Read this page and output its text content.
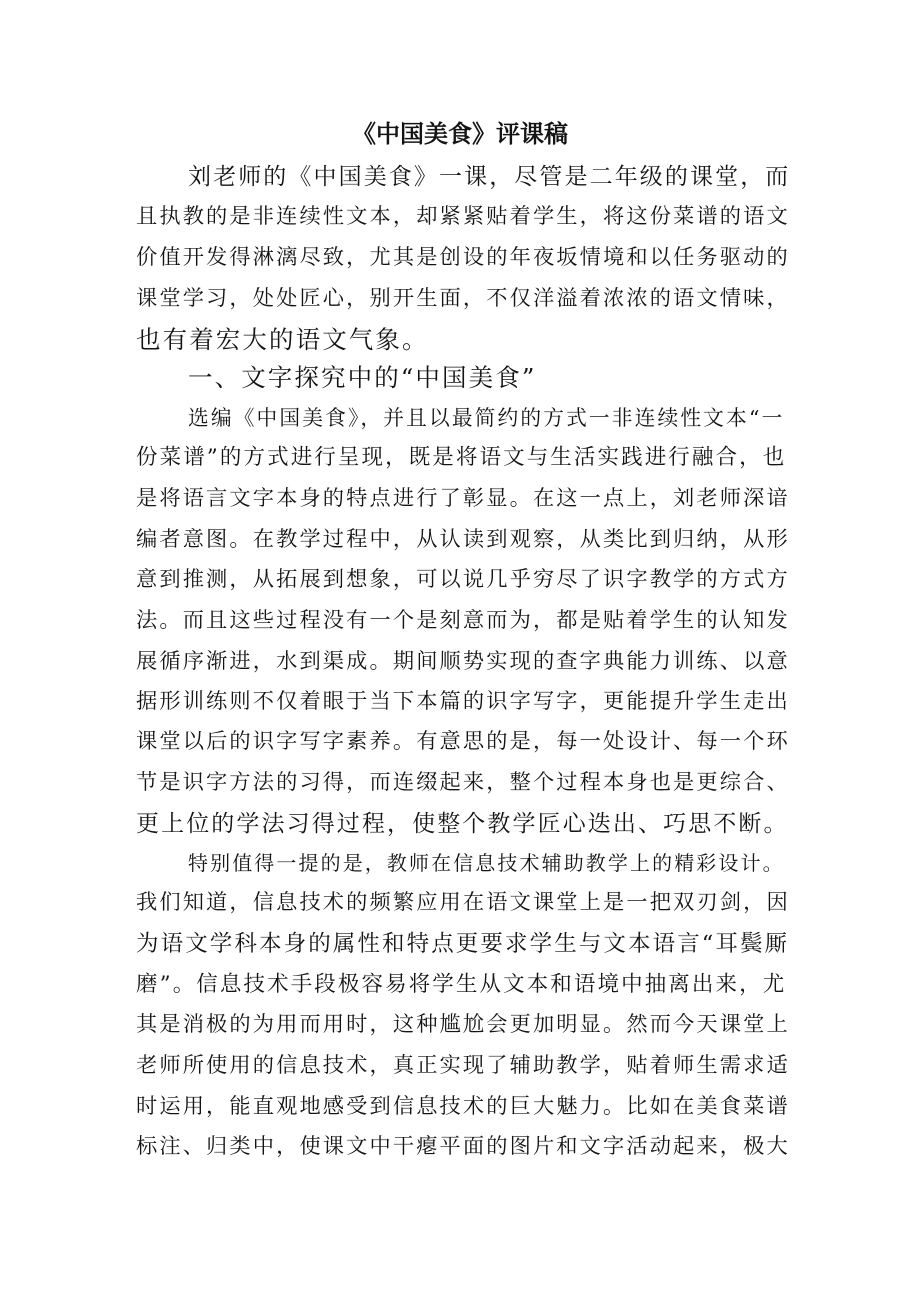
《中国美食》评课稿

刘老师的《中国美食》一课，尽管是二年级的课堂，而

且执教的是非连续性文本，却紧紧贴着学生，将这份菜谱的语文

价值开发得淋漓尽致，尤其是创设的年夜坂情境和以任务驱动的

课堂学习，处处匠心，别开生面，不仅洋溢着浓浓的语文情味，

也有着宏大的语文气象。

一、文字探究中的“中国美食”

选编《中国美食》，并且以最简约的方式一非连续性文本“一

份菜谱”的方式进行呈现，既是将语文与生活实践进行融合，也

是将语言文字本身的特点进行了彰显。在这一点上，刘老师深谙

编者意图。在教学过程中，从认读到观察，从类比到归纳，从形

意到推测，从拓展到想象，可以说几乎穷尽了识字教学的方式方

法。而且这些过程没有一个是刻意而为，都是贴着学生的认知发

展循序渐进，水到渠成。期间顺势实现的查字典能力训练、以意

据形训练则不仅着眼于当下本篇的识字写字，更能提升学生走出

课堂以后的识字写字素养。有意思的是，每一处设计、每一个环

节是识字方法的习得，而连缀起来，整个过程本身也是更综合、

更上位的学法习得过程，使整个教学匠心迭出、巧思不断。

特别值得一提的是，教师在信息技术辅助教学上的精彩设计。

我们知道，信息技术的频繁应用在语文课堂上是一把双刃剑，因

为语文学科本身的属性和特点更要求学生与文本语言“耳鬓厮

磨”。信息技术手段极容易将学生从文本和语境中抽离出来，尤

其是消极的为用而用时，这种尴尬会更加明显。然而今天课堂上

老师所使用的信息技术，真正实现了辅助教学，贴着师生需求适

时运用，能直观地感受到信息技术的巨大魅力。比如在美食菜谱

标注、归类中，使课文中干瘪平面的图片和文字活动起来，极大
